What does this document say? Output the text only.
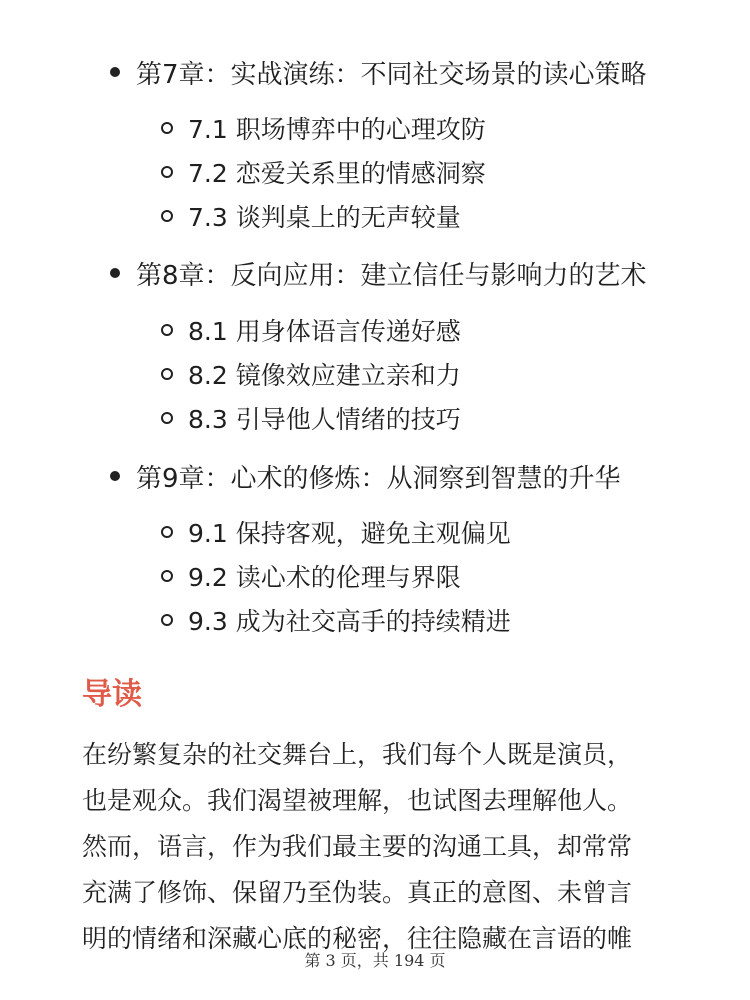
第7章：实战演练：不同社交场景的读心策略
7.1 职场博弈中的心理攻防
7.2 恋爱关系里的情感洞察
7.3 谈判桌上的无声较量
第8章：反向应用：建立信任与影响力的艺术
8.1 用身体语言传递好感
8.2 镜像效应建立亲和力
8.3 引导他人情绪的技巧
第9章：心术的修炼：从洞察到智慧的升华
9.1 保持客观，避免主观偏见
9.2 读心术的伦理与界限
9.3 成为社交高手的持续精进
导读
在纷繁复杂的社交舞台上，我们每个人既是演员，
也是观众。我们渴望被理解，也试图去理解他人。
然而，语言，作为我们最主要的沟通工具，却常常
充满了修饰、保留乃至伪装。真正的意图、未曾言
明的情绪和深藏心底的秘密，往往隐藏在言语的帷
第 3 页，共 194 页
